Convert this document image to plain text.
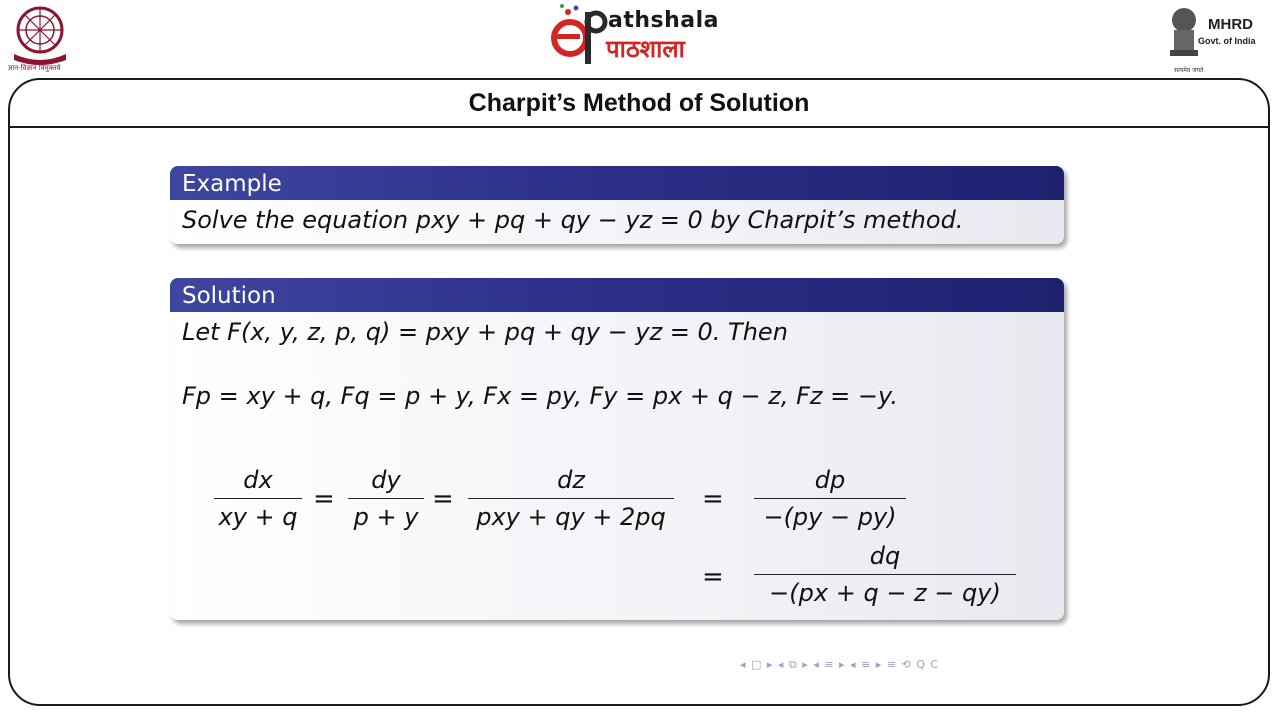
ज्ञान-विज्ञान विमुक्तये
athshala
पाठशाला
MHRD
Govt. of India
सत्यमेव जयते
Charpit’s Method of Solution
Example
Solve the equation pxy + pq + qy − yz = 0 by Charpit’s method.
Solution
Let F(x, y, z, p, q) = pxy + pq + qy − yz = 0. Then
Fp = xy + q, Fq = p + y, Fx = py, Fy = px + q − z, Fz = −y.
$\frac{dx}{xy + q} = \frac{dy}{p + y}$ =
dz
pxy + qy + 2pq
= $\frac{dp}{-(py - py)}$
= $\frac{dq}{-(px + q - z - qy)}$
◂ □ ▸ ◂ ⧉ ▸ ◂ ≡ ▸ ◂ ≡ ▸ ≡ ⟲ Q C
